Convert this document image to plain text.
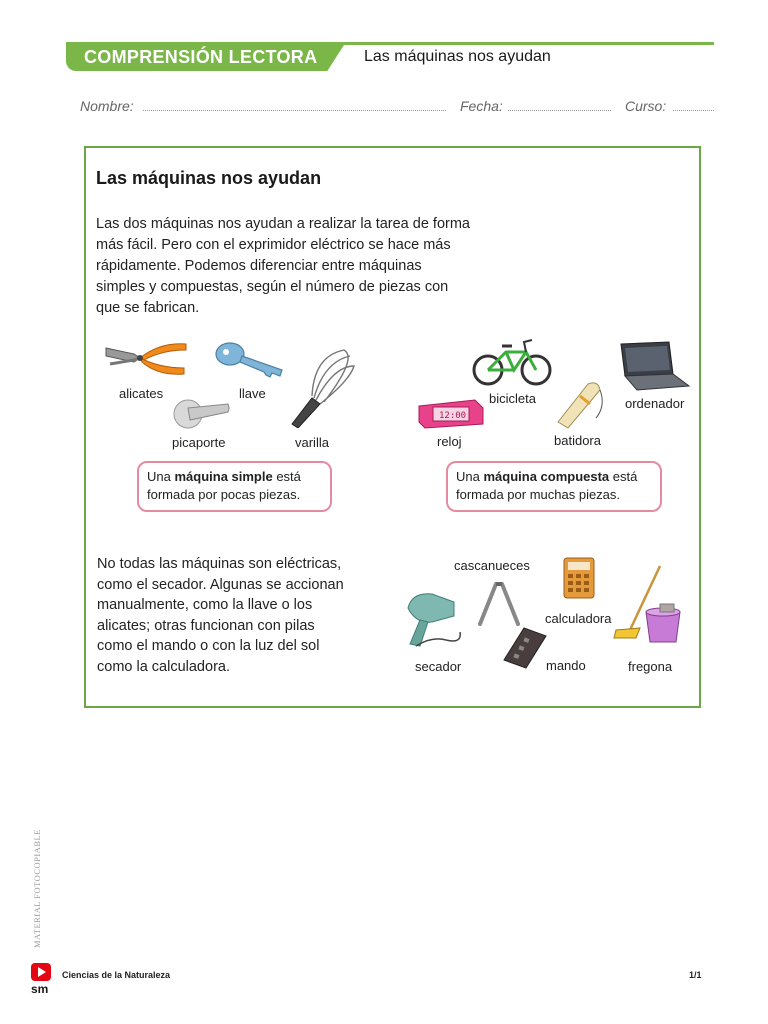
COMPRENSIÓN LECTORA	Las máquinas nos ayudan
Nombre:	Fecha:	Curso:
Las máquinas nos ayudan
Las dos máquinas nos ayudan a realizar la tarea de forma
más fácil. Pero con el exprimidor eléctrico se hace más
rápidamente. Podemos diferenciar entre máquinas
simples y compuestas, según el número de piezas con
que se fabrican.
alicates	llave
picaporte	varilla
12:00
bicicleta	ordenador
reloj	batidora
Una máquina simple está
formada por pocas piezas.
Una máquina compuesta está
formada por muchas piezas.
No todas las máquinas son eléctricas,
como el secador. Algunas se accionan
manualmente, como la llave o los
alicates; otras funcionan con pilas
como el mando o con la luz del sol
como la calculadora.
cascanueces
calculadora
secador	mando	fregona
MATERIAL FOTOCOPIABLE
sm
Ciencias de la Naturaleza	1/1
